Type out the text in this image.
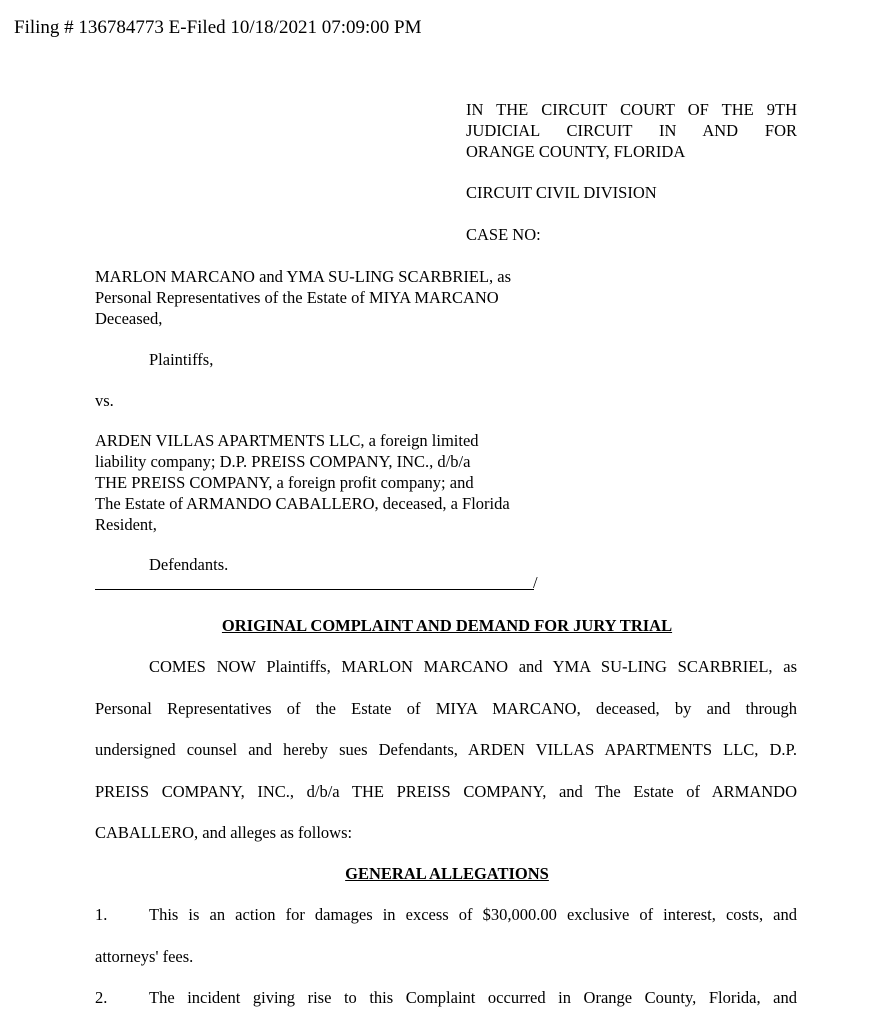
Filing # 136784773 E-Filed 10/18/2021 07:09:00 PM
IN THE CIRCUIT COURT OF THE 9TH
JUDICIAL CIRCUIT IN AND FOR
ORANGE COUNTY, FLORIDA
CIRCUIT CIVIL DIVISION
CASE NO:
MARLON MARCANO and YMA SU-LING SCARBRIEL, as
Personal Representatives of the Estate of MIYA MARCANO
Deceased,
Plaintiffs,
vs.
ARDEN VILLAS APARTMENTS LLC, a foreign limited
liability company; D.P. PREISS COMPANY, INC., d/b/a
THE PREISS COMPANY, a foreign profit company; and
The Estate of ARMANDO CABALLERO, deceased, a Florida
Resident,
Defendants.
/
ORIGINAL COMPLAINT AND DEMAND FOR JURY TRIAL
COMES NOW Plaintiffs, MARLON MARCANO and YMA SU-LING SCARBRIEL, as
Personal Representatives of the Estate of MIYA MARCANO, deceased, by and through
undersigned counsel and hereby sues Defendants, ARDEN VILLAS APARTMENTS LLC, D.P.
PREISS COMPANY, INC., d/b/a THE PREISS COMPANY, and The Estate of ARMANDO
CABALLERO, and alleges as follows:
GENERAL ALLEGATIONS
1.	This is an action for damages in excess of $30,000.00 exclusive of interest, costs, and
attorneys' fees.
2.	The incident giving rise to this Complaint occurred in Orange County, Florida, and
